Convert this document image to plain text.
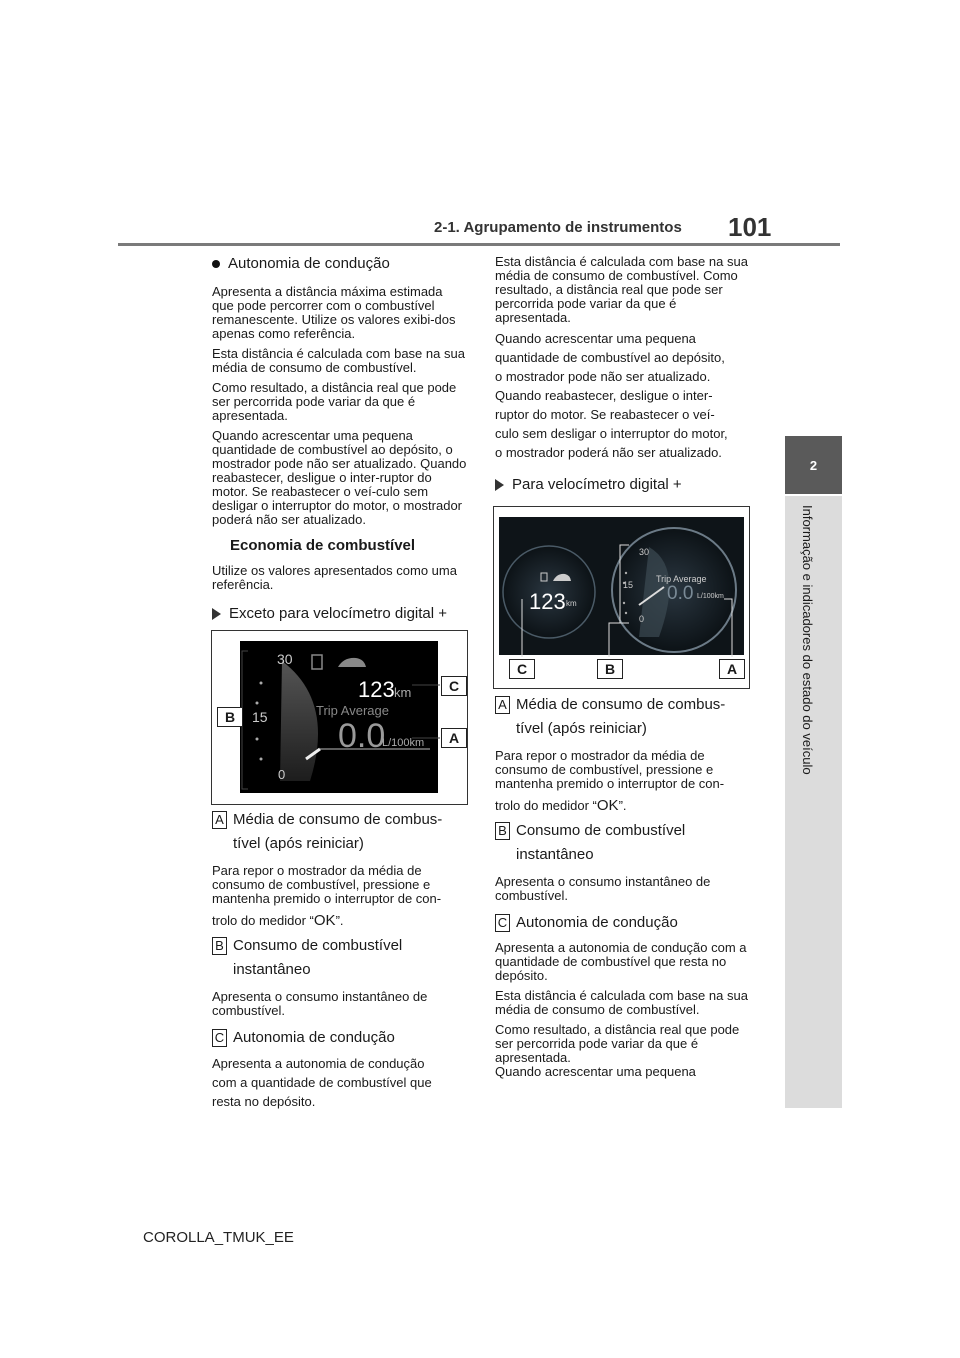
2-1. Agrupamento de instrumentos 101
2
Informação e indicadores do estado do veículo
Autonomia de condução

Apresenta a distância máxima estimada que pode percorrer com o combustível remanescente. Utilize os valores exibi-dos apenas como referência.

Esta distância é calculada com base na sua média de consumo de combustível.

Como resultado, a distância real que pode ser percorrida pode variar da que é apresentada.

Quando acrescentar uma pequena quantidade de combustível ao depósito, o mostrador pode não ser atualizado. Quando reabastecer, desligue o inter-ruptor do motor. Se reabastecer o veí-culo sem desligar o interruptor do motor, o mostrador poderá não ser atualizado.

Economia de combustível

Utilize os valores apresentados como uma referência.

Exceto para velocímetro digital +
30
15
0
123 km
Trip Average
0.0
L/100km
B
C
A
A Média de consumo de combus-
tível (após reiniciar)

Para repor o mostrador da média de consumo de combustível, pressione e mantenha premido o interruptor de con-

trolo do medidor “OK”.

B Consumo de combustível
instantâneo

Apresenta o consumo instantâneo de combustível.

C Autonomia de condução

Apresenta a autonomia de condução
com a quantidade de combustível que
resta no depósito.

Esta distância é calculada com base na sua média de consumo de combustível. Como resultado, a distância real que pode ser percorrida pode variar da que é apresentada.

Quando acrescentar uma pequena
quantidade de combustível ao depósito,
o mostrador pode não ser atualizado.
Quando reabastecer, desligue o inter-
ruptor do motor. Se reabastecer o veí-
culo sem desligar o interruptor do motor,
o mostrador poderá não ser atualizado.

Para velocímetro digital +
30
15
0
123 km
Trip Average
0.0 L/100km
C	B	A
A Média de consumo de combus-
tível (após reiniciar)

Para repor o mostrador da média de consumo de combustível, pressione e mantenha premido o interruptor de con-

trolo do medidor “OK”.

B Consumo de combustível
instantâneo

Apresenta o consumo instantâneo de combustível.

C Autonomia de condução

Apresenta a autonomia de condução com a quantidade de combustível que resta no depósito.

Esta distância é calculada com base na sua média de consumo de combustível.

Como resultado, a distância real que pode ser percorrida pode variar da que é apresentada.

Quando acrescentar uma pequena

COROLLA_TMUK_EE
